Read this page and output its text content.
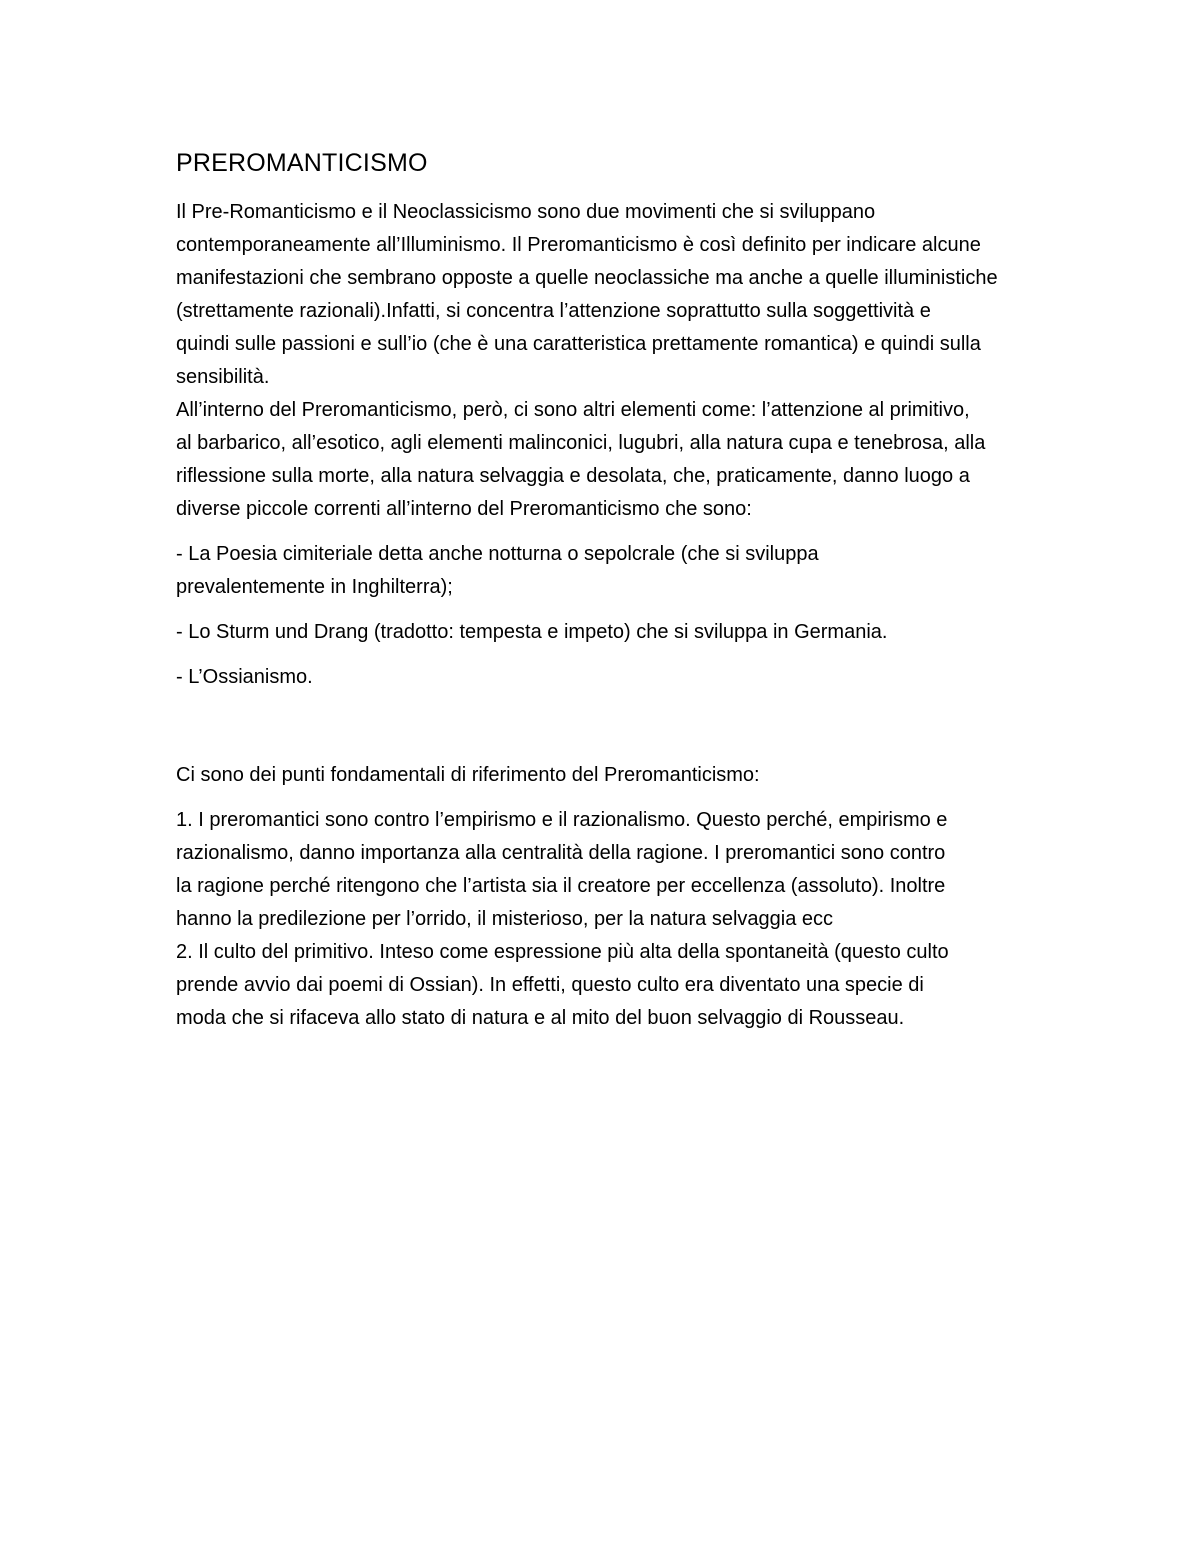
PREROMANTICISMO
Il Pre-Romanticismo e il Neoclassicismo sono due movimenti che si sviluppano
contemporaneamente all’Illuminismo. Il Preromanticismo è così definito per indicare alcune
manifestazioni che sembrano opposte a quelle neoclassiche ma anche a quelle illuministiche
(strettamente razionali).Infatti, si concentra l’attenzione soprattutto sulla soggettività e
quindi sulle passioni e sull’io (che è una caratteristica prettamente romantica) e quindi sulla
sensibilità.
All’interno del Preromanticismo, però, ci sono altri elementi come: l’attenzione al primitivo,
al barbarico, all’esotico, agli elementi malinconici, lugubri, alla natura cupa e tenebrosa, alla
riflessione sulla morte, alla natura selvaggia e desolata, che, praticamente, danno luogo a
diverse piccole correnti all’interno del Preromanticismo che sono:
- La Poesia cimiteriale detta anche notturna o sepolcrale (che si sviluppa
prevalentemente in Inghilterra);
- Lo Sturm und Drang (tradotto: tempesta e impeto) che si sviluppa in Germania.
- L’Ossianismo.
Ci sono dei punti fondamentali di riferimento del Preromanticismo:
1. I preromantici sono contro l’empirismo e il razionalismo. Questo perché, empirismo e
razionalismo, danno importanza alla centralità della ragione. I preromantici sono contro
la ragione perché ritengono che l’artista sia il creatore per eccellenza (assoluto). Inoltre
hanno la predilezione per l’orrido, il misterioso, per la natura selvaggia ecc
2. Il culto del primitivo. Inteso come espressione più alta della spontaneità (questo culto
prende avvio dai poemi di Ossian). In effetti, questo culto era diventato una specie di
moda che si rifaceva allo stato di natura e al mito del buon selvaggio di Rousseau.
